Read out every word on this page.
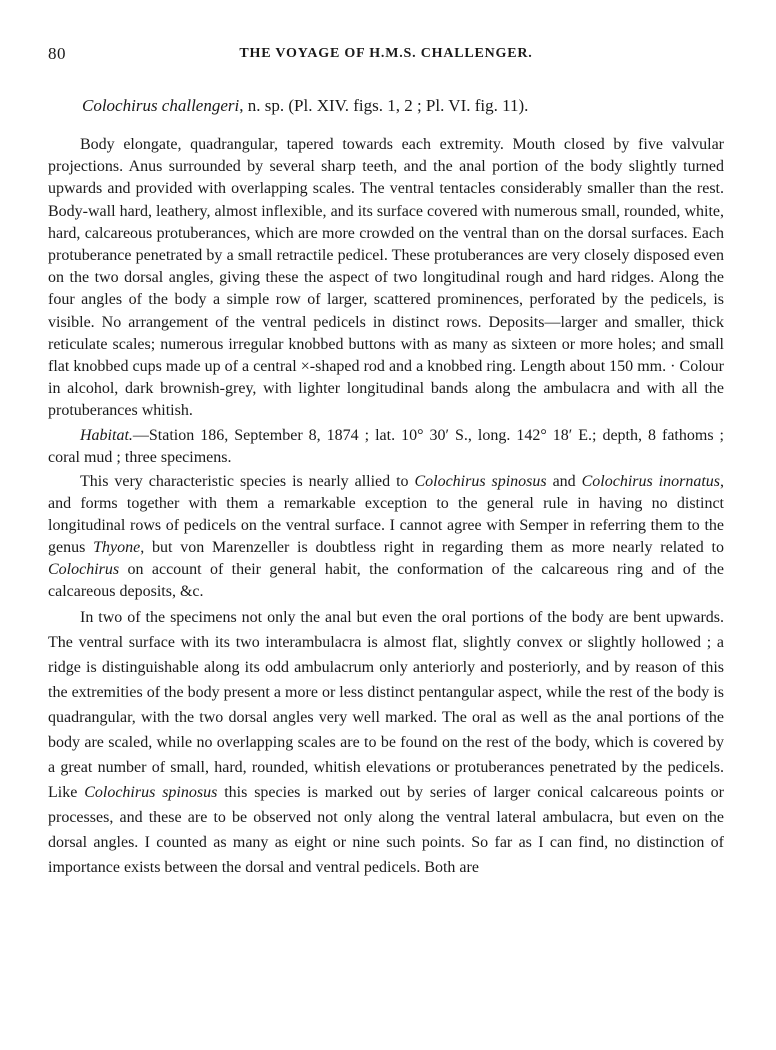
80	THE VOYAGE OF H.M.S. CHALLENGER.
Colochirus challengeri, n. sp. (Pl. XIV. figs. 1, 2 ; Pl. VI. fig. 11).

Body elongate, quadrangular, tapered towards each extremity. Mouth closed by five valvular projections. Anus surrounded by several sharp teeth, and the anal portion of the body slightly turned upwards and provided with overlapping scales. The ventral tentacles considerably smaller than the rest. Body-wall hard, leathery, almost inflexible, and its surface covered with numerous small, rounded, white, hard, calcareous protuberances, which are more crowded on the ventral than on the dorsal surfaces. Each protuberance penetrated by a small retractile pedicel. These protuberances are very closely disposed even on the two dorsal angles, giving these the aspect of two longitudinal rough and hard ridges. Along the four angles of the body a simple row of larger, scattered prominences, perforated by the pedicels, is visible. No arrangement of the ventral pedicels in distinct rows. Deposits—larger and smaller, thick reticulate scales; numerous irregular knobbed buttons with as many as sixteen or more holes; and small flat knobbed cups made up of a central ×-shaped rod and a knobbed ring. Length about 150 mm. · Colour in alcohol, dark brownish-grey, with lighter longitudinal bands along the ambulacra and with all the protuberances whitish.

Habitat.—Station 186, September 8, 1874 ; lat. 10° 30′ S., long. 142° 18′ E.; depth, 8 fathoms ; coral mud ; three specimens.

This very characteristic species is nearly allied to Colochirus spinosus and Colochirus inornatus, and forms together with them a remarkable exception to the general rule in having no distinct longitudinal rows of pedicels on the ventral surface. I cannot agree with Semper in referring them to the genus Thyone, but von Marenzeller is doubtless right in regarding them as more nearly related to Colochirus on account of their general habit, the conformation of the calcareous ring and of the calcareous deposits, &c.

In two of the specimens not only the anal but even the oral portions of the body are bent upwards. The ventral surface with its two interambulacra is almost flat, slightly convex or slightly hollowed ; a ridge is distinguishable along its odd ambulacrum only anteriorly and posteriorly, and by reason of this the extremities of the body present a more or less distinct pentangular aspect, while the rest of the body is quadrangular, with the two dorsal angles very well marked. The oral as well as the anal portions of the body are scaled, while no overlapping scales are to be found on the rest of the body, which is covered by a great number of small, hard, rounded, whitish elevations or protuberances penetrated by the pedicels. Like Colochirus spinosus this species is marked out by series of larger conical calcareous points or processes, and these are to be observed not only along the ventral lateral ambulacra, but even on the dorsal angles. I counted as many as eight or nine such points. So far as I can find, no distinction of importance exists between the dorsal and ventral pedicels. Both are
